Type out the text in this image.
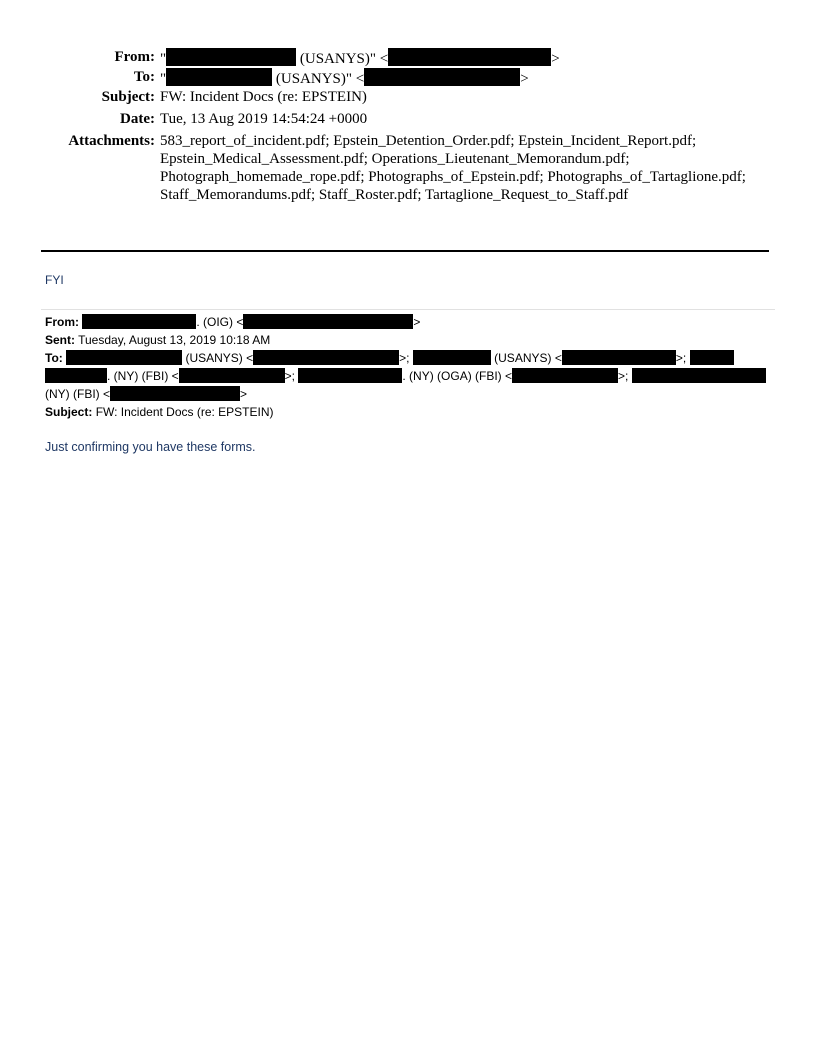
From: "	(USANYS)" <	>
To: "	(USANYS)" <	>
Subject: FW: Incident Docs (re: EPSTEIN)
Date: Tue, 13 Aug 2019 14:54:24 +0000
Attachments: 583_report_of_incident.pdf; Epstein_Detention_Order.pdf; Epstein_Incident_Report.pdf; Epstein_Medical_Assessment.pdf; Operations_Lieutenant_Memorandum.pdf; Photograph_homemade_rope.pdf; Photographs_of_Epstein.pdf; Photographs_of_Tartaglione.pdf; Staff_Memorandums.pdf; Staff_Roster.pdf; Tartaglione_Request_to_Staff.pdf
FYI
From:	. (OIG) <	>
Sent: Tuesday, August 13, 2019 10:18 AM
To:	(USANYS) <	>;	(USANYS) <	>; . (NY) (FBI) <	>;	. (NY) (OGA) (FBI) <	>;  (NY) (FBI) <	>
Subject: FW: Incident Docs (re: EPSTEIN)
Just confirming you have these forms.
